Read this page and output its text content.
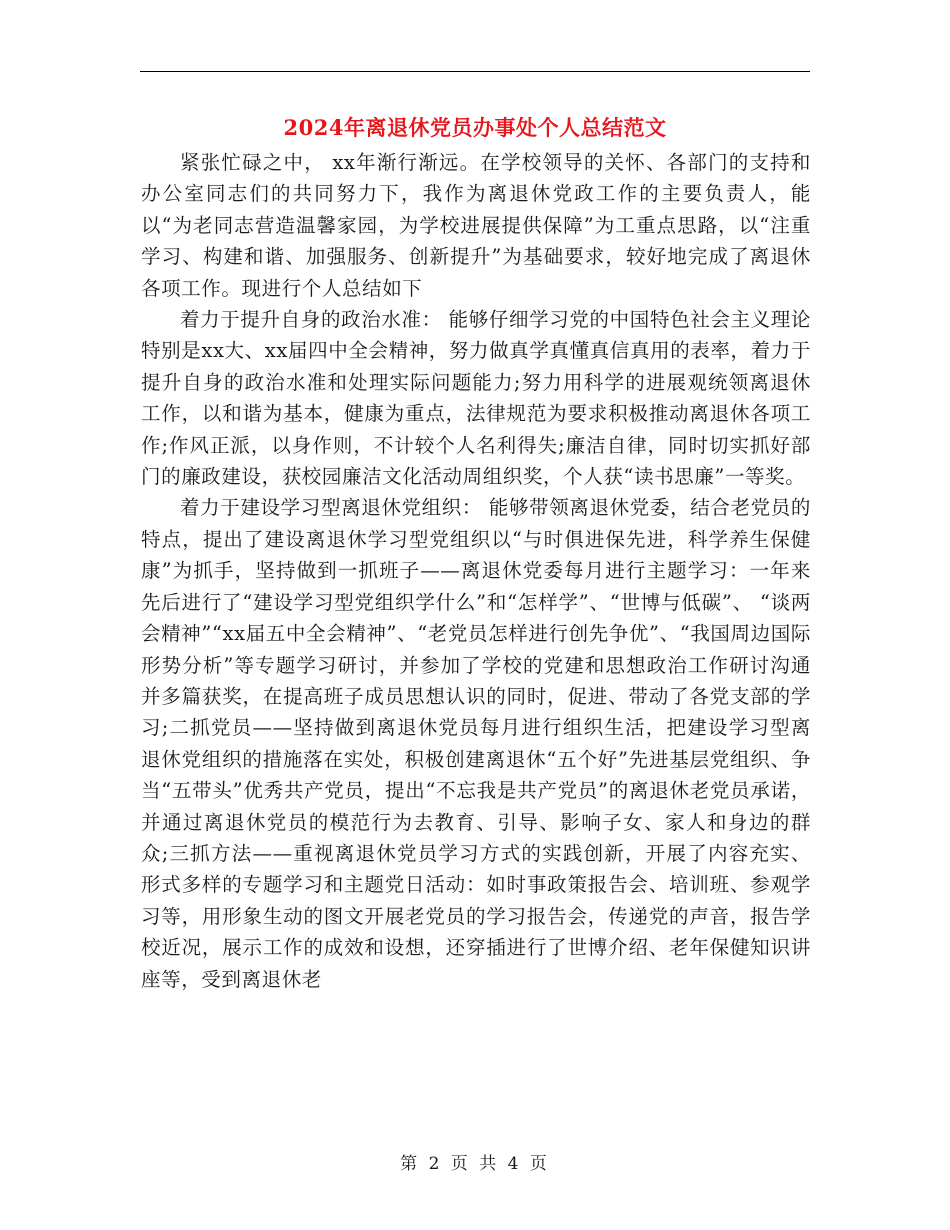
2024年离退休党员办事处个人总结范文

紧张忙碌之中， xx年渐行渐远。在学校领导的关怀、各部门的支持和办公室同志们的共同努力下，我作为离退休党政工作的主要负责人，能以“为老同志营造温馨家园，为学校进展提供保障”为工重点思路，以“注重学习、构建和谐、加强服务、创新提升”为基础要求，较好地完成了离退休各项工作。现进行个人总结如下

着力于提升自身的政治水准： 能够仔细学习党的中国特色社会主义理论特别是xx大、xx届四中全会精神，努力做真学真懂真信真用的表率，着力于提升自身的政治水准和处理实际问题能力;努力用科学的进展观统领离退休工作，以和谐为基本，健康为重点，法律规范为要求积极推动离退休各项工作;作风正派，以身作则，不计较个人名利得失;廉洁自律，同时切实抓好部门的廉政建设，获校园廉洁文化活动周组织奖，个人获“读书思廉”一等奖。

着力于建设学习型离退休党组织： 能够带领离退休党委，结合老党员的特点，提出了建设离退休学习型党组织以“与时俱进保先进，科学养生保健康”为抓手，坚持做到一抓班子——离退休党委每月进行主题学习：一年来先后进行了“建设学习型党组织学什么”和“怎样学”、“世博与低碳”、 “谈两会精神”“xx届五中全会精神”、“老党员怎样进行创先争优”、“我国周边国际形势分析”等专题学习研讨，并参加了学校的党建和思想政治工作研讨沟通并多篇获奖，在提高班子成员思想认识的同时，促进、带动了各党支部的学习;二抓党员——坚持做到离退休党员每月进行组织生活，把建设学习型离退休党组织的措施落在实处，积极创建离退休“五个好”先进基层党组织、争当“五带头”优秀共产党员，提出“不忘我是共产党员”的离退休老党员承诺，并通过离退休党员的模范行为去教育、引导、影响子女、家人和身边的群众;三抓方法——重视离退休党员学习方式的实践创新，开展了内容充实、形式多样的专题学习和主题党日活动：如时事政策报告会、培训班、参观学习等，用形象生动的图文开展老党员的学习报告会，传递党的声音，报告学校近况，展示工作的成效和设想，还穿插进行了世博介绍、老年保健知识讲座等，受到离退休老

第 2 页 共 4 页
